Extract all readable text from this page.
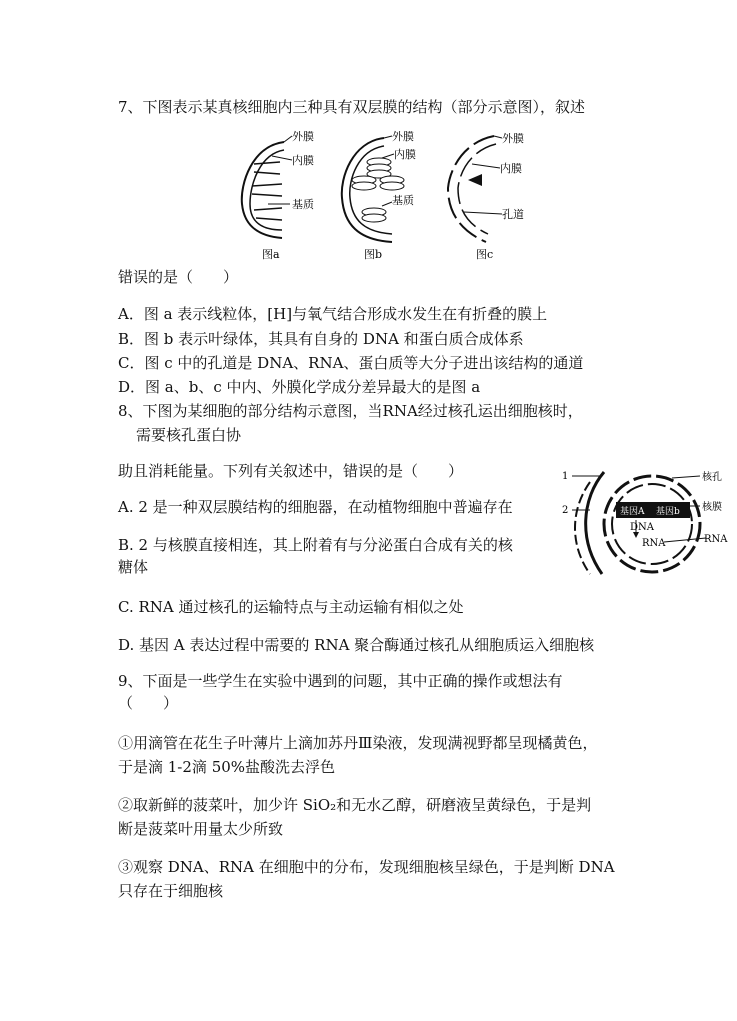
7、下图表示某真核细胞内三种具有双层膜的结构（部分示意图），叙述
外膜
内膜
基质
图a
外膜
内膜
基质
图b
外膜
内膜
孔道
图c
错误的是（　　）
A．图 a 表示线粒体，[H]与氧气结合形成水发生在有折叠的膜上
B．图 b 表示叶绿体，其具有自身的 DNA 和蛋白质合成体系
C．图 c 中的孔道是 DNA、RNA、蛋白质等大分子进出该结构的通道
D．图 a、b、c 中内、外膜化学成分差异最大的是图 a
8、下图为某细胞的部分结构示意图，当RNA经过核孔运出细胞核时，
需要核孔蛋白协
助且消耗能量。下列有关叙述中，错误的是（　　）
基因A 基因b
DNA
RNA	RNA
1
2
核孔
核膜
A. 2 是一种双层膜结构的细胞器，在动植物细胞中普遍存在
B. 2 与核膜直接相连，其上附着有与分泌蛋白合成有关的核
糖体
C. RNA 通过核孔的运输特点与主动运输有相似之处
D. 基因 A 表达过程中需要的 RNA 聚合酶通过核孔从细胞质运入细胞核
9、下面是一些学生在实验中遇到的问题，其中正确的操作或想法有
（　　）
①用滴管在花生子叶薄片上滴加苏丹Ⅲ染液，发现满视野都呈现橘黄色，
于是滴 1-2滴 50%盐酸洗去浮色
②取新鲜的菠菜叶，加少许 SiO₂和无水乙醇，研磨液呈黄绿色，于是判
断是菠菜叶用量太少所致
③观察 DNA、RNA 在细胞中的分布，发现细胞核呈绿色，于是判断 DNA
只存在于细胞核
